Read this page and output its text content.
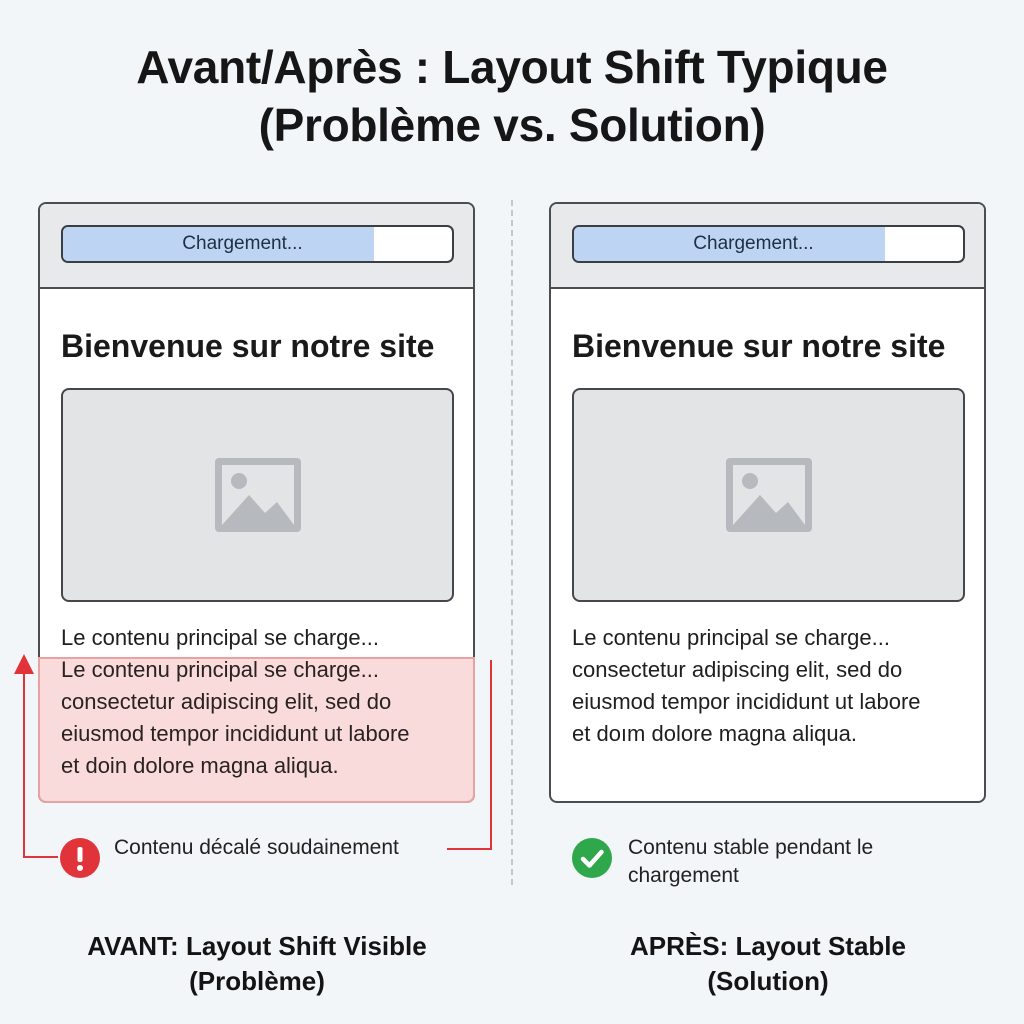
Avant/Après : Layout Shift Typique
(Problème vs. Solution)
Chargement...
Bienvenue sur notre site
Le contenu principal se charge...
Le contenu principal se charge...
consectetur adipiscing elit, sed do
eiusmod tempor incididunt ut labore
et doin dolore magna aliqua.
Chargement...
Bienvenue sur notre site
Le contenu principal se charge...
consectetur adipiscing elit, sed do
eiusmod tempor incididunt ut labore
et doım dolore magna aliqua.
Contenu décalé soudainement	Contenu stable pendant le
chargement
AVANT: Layout Shift Visible
(Problème)
APRÈS: Layout Stable
(Solution)
